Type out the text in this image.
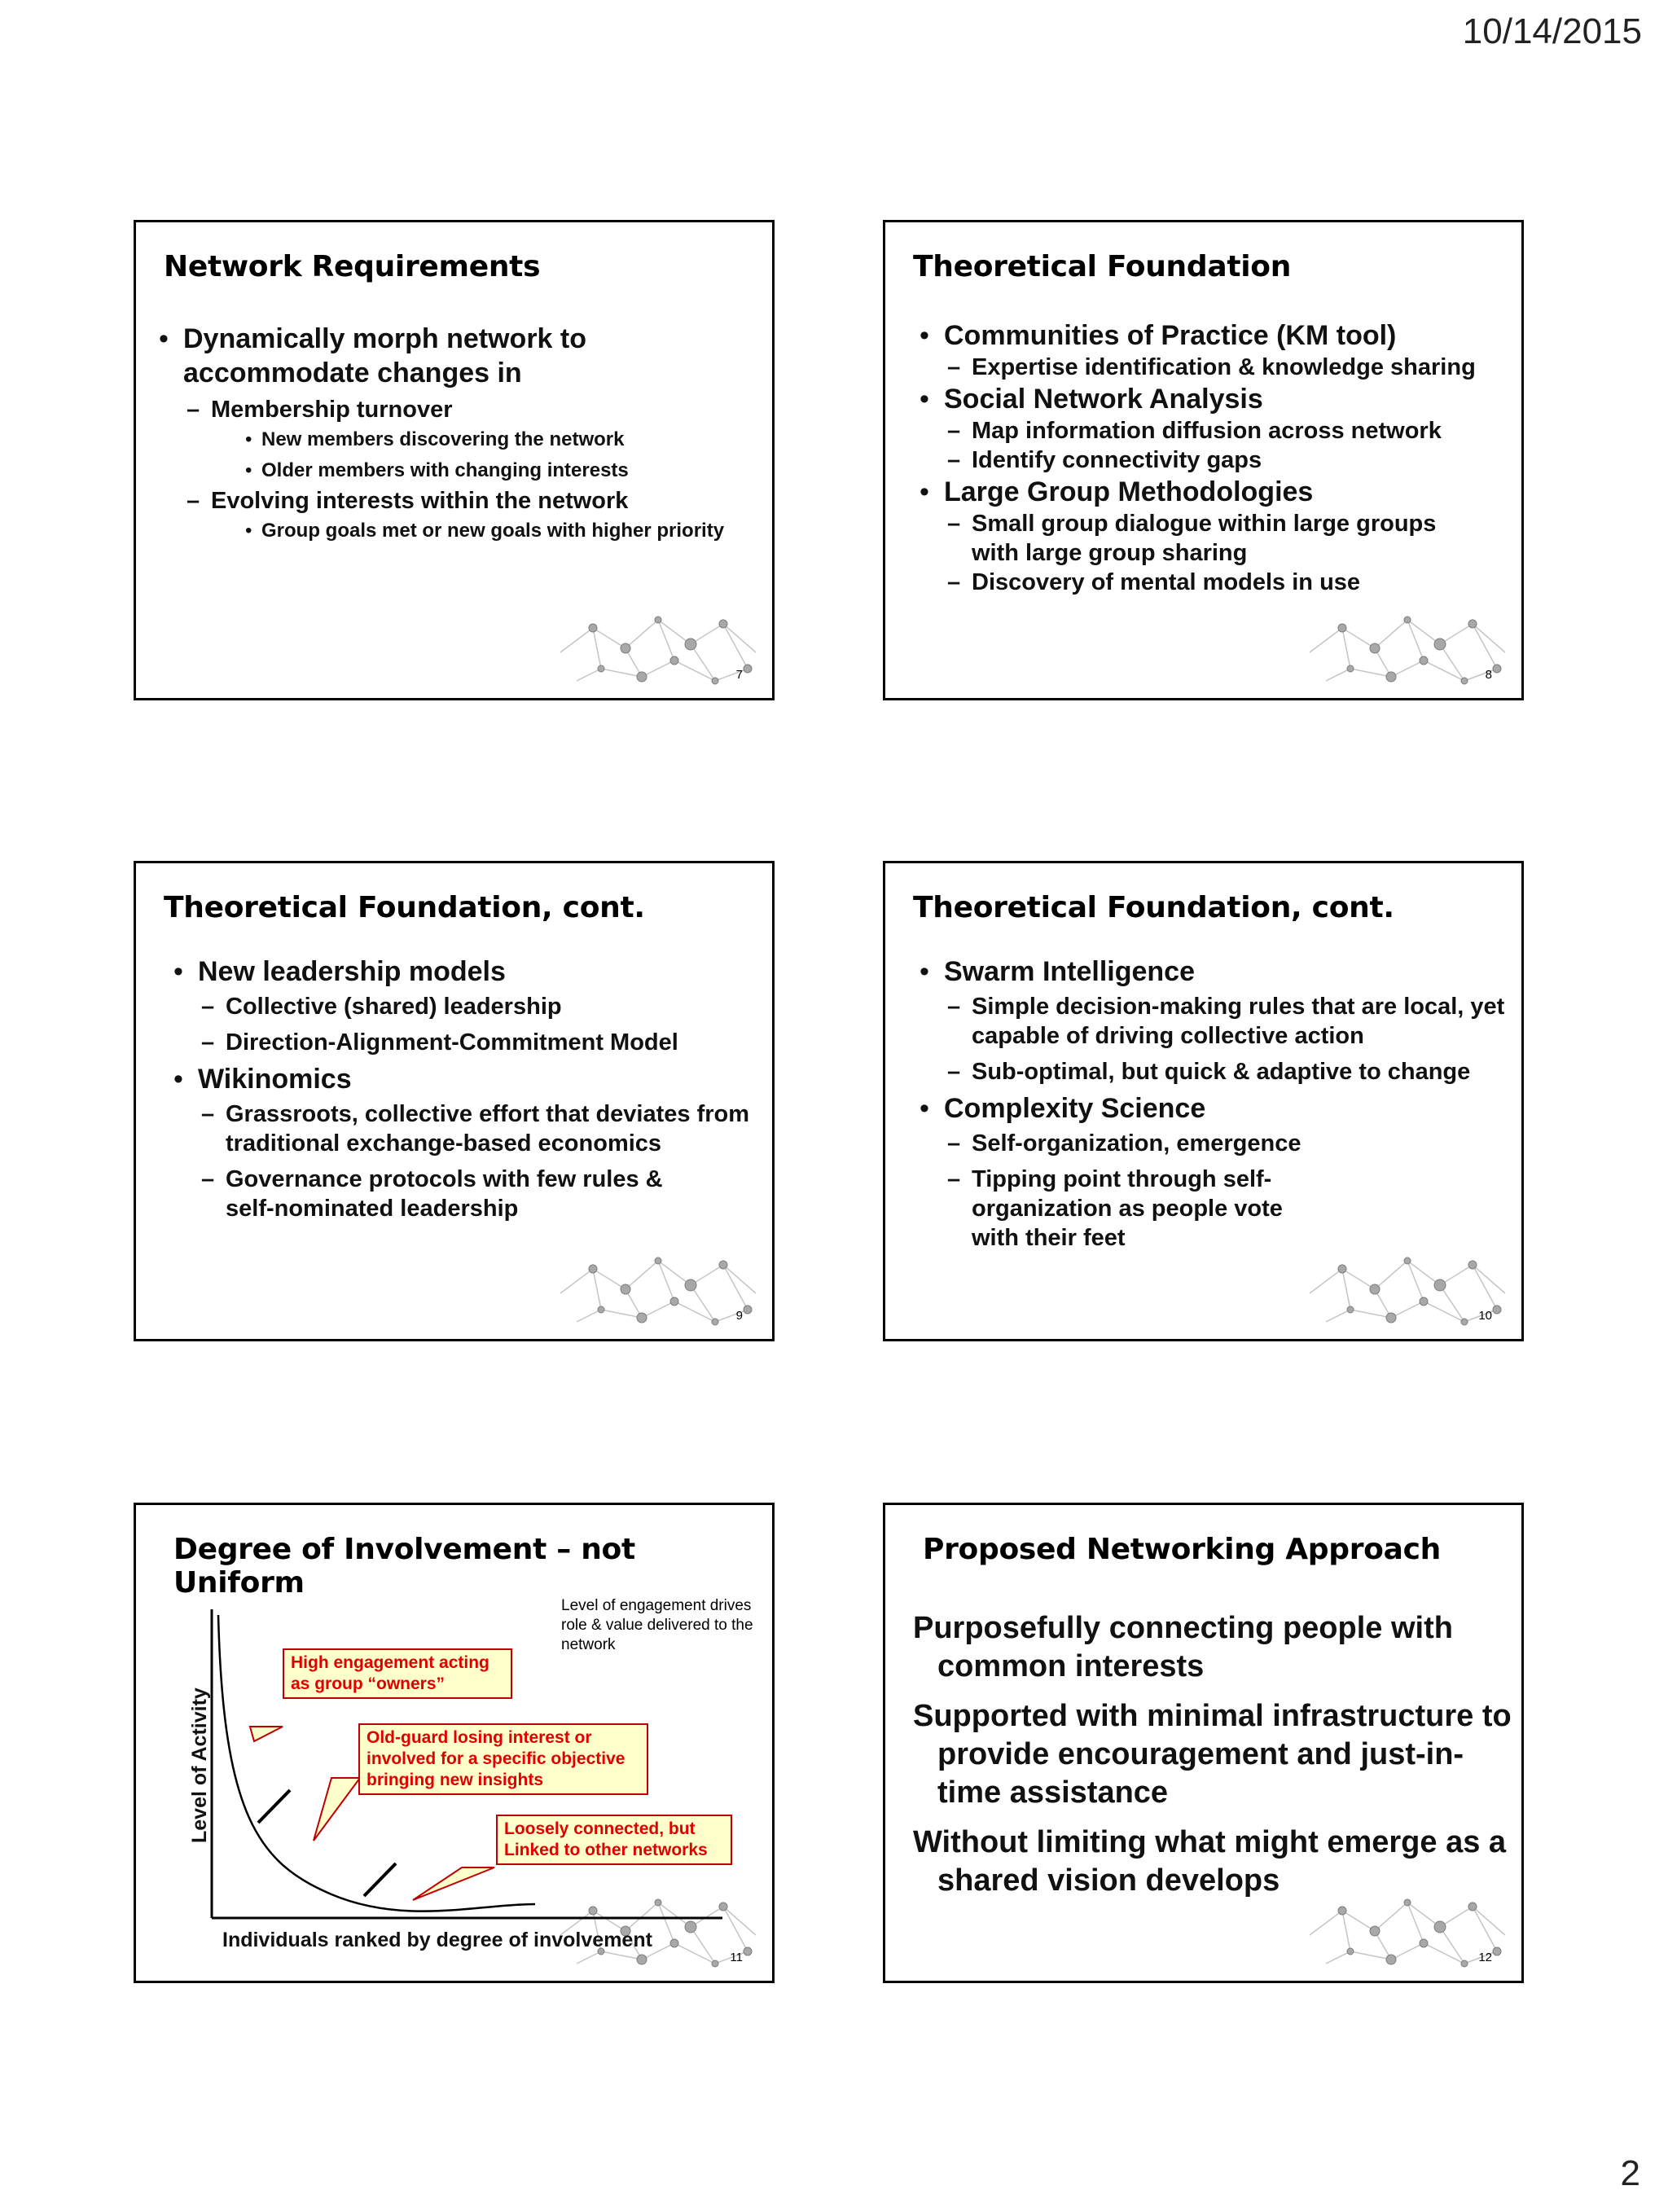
10/14/2015
Network Requirements
• Dynamically morph network to accommodate changes in
– Membership turnover
• New members discovering the network
• Older members with changing interests
– Evolving interests within the network
• Group goals met or new goals with higher priority
7
Theoretical Foundation
• Communities of Practice (KM tool)
– Expertise identification & knowledge sharing
• Social Network Analysis
– Map information diffusion across network
– Identify connectivity gaps
• Large Group Methodologies
– Small group dialogue within large groups with large group sharing
– Discovery of mental models in use
8
Theoretical Foundation, cont.
• New leadership models
– Collective (shared) leadership
– Direction-Alignment-Commitment Model
• Wikinomics
– Grassroots, collective effort that deviates from traditional exchange-based economics
– Governance protocols with few rules & self-nominated leadership
9
Theoretical Foundation, cont.
• Swarm Intelligence
– Simple decision-making rules that are local, yet capable of driving collective action
– Sub-optimal, but quick & adaptive to change
• Complexity Science
– Self-organization, emergence
– Tipping point through self-organization as people vote with their feet
10
Degree of Involvement – not Uniform
Level of engagement drives role & value delivered to the network
High engagement acting as group “owners”
Old-guard losing interest or involved for a specific objective bringing new insights
Loosely connected, but Linked to other networks
Level of Activity
Individuals ranked by degree of involvement
11
Proposed Networking Approach

Purposefully connecting people with common interests

Supported with minimal infrastructure to provide encouragement and just-in-time assistance

Without limiting what might emerge as a shared vision develops

12
2
